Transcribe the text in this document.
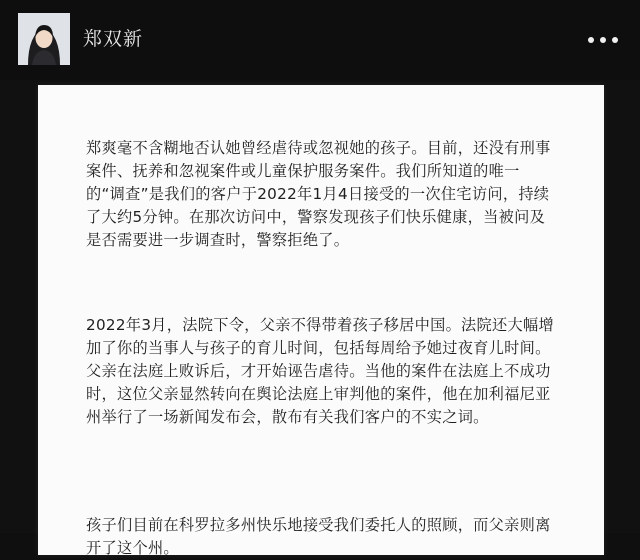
郑双新

郑爽毫不含糊地否认她曾经虐待或忽视她的孩子。目前，还没有刑事案件、抚养和忽视案件或儿童保护服务案件。我们所知道的唯一的“调查”是我们的客户于2022年1月4日接受的一次住宅访问，持续了大约5分钟。在那次访问中，警察发现孩子们快乐健康，当被问及是否需要进一步调查时，警察拒绝了。

2022年3月，法院下令，父亲不得带着孩子移居中国。法院还大幅增加了你的当事人与孩子的育儿时间，包括每周给予她过夜育儿时间。父亲在法庭上败诉后，才开始诬告虐待。当他的案件在法庭上不成功时，这位父亲显然转向在舆论法庭上审判他的案件，他在加利福尼亚州举行了一场新闻发布会，散布有关我们客户的不实之词。

孩子们目前在科罗拉多州快乐地接受我们委托人的照顾，而父亲则离开了这个州。
